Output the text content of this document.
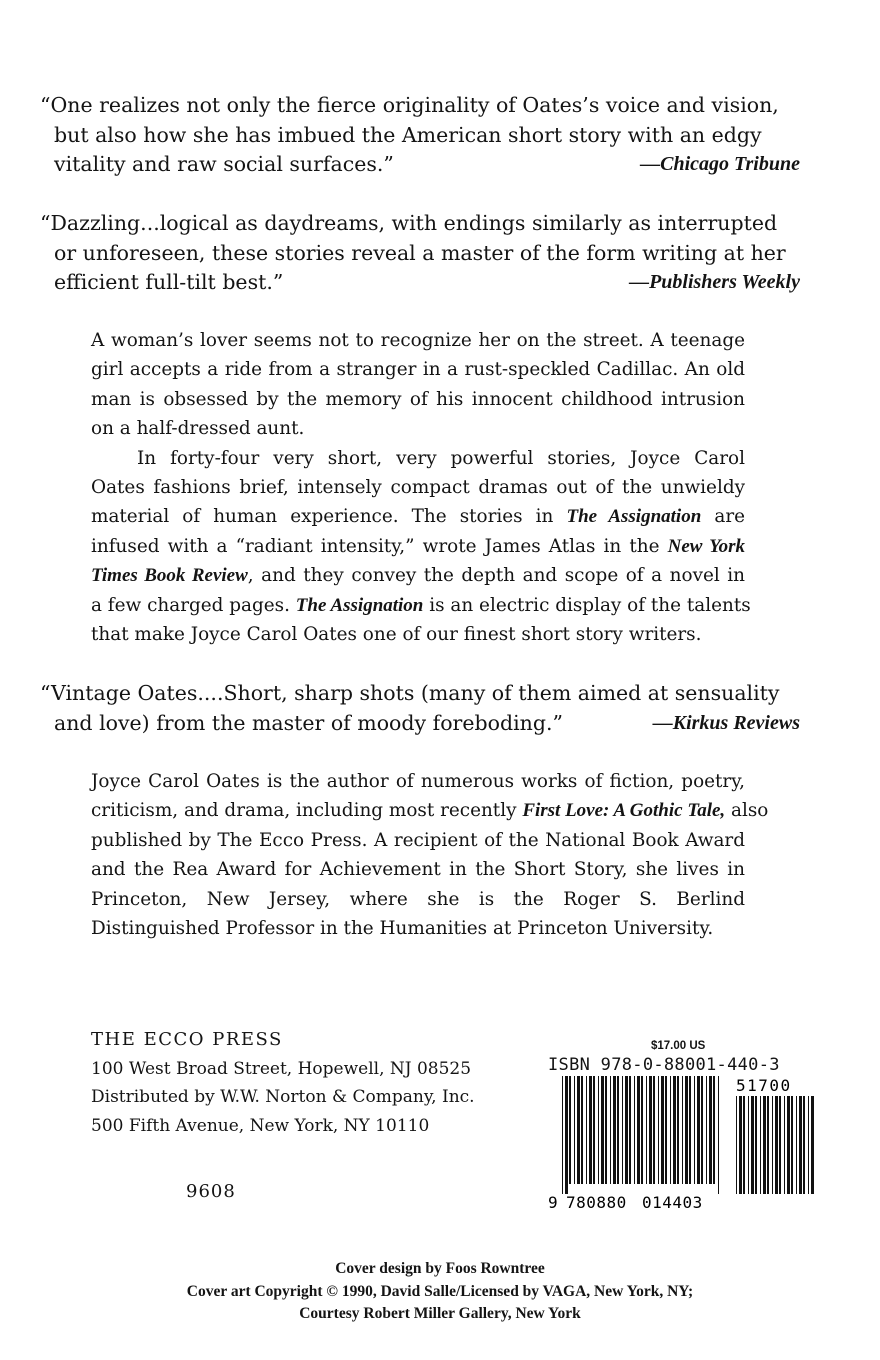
“One realizes not only the fierce originality of Oates’s voice and vision,
but also how she has imbued the American short story with an edgy
vitality and raw social surfaces.”	—Chicago Tribune
“Dazzling...logical as daydreams, with endings similarly as interrupted
or unforeseen, these stories reveal a master of the form writing at her
efficient full-tilt best.”	—Publishers Weekly
A woman’s lover seems not to recognize her on the street. A teenage
girl accepts a ride from a stranger in a rust-speckled Cadillac. An old
man is obsessed by the memory of his innocent childhood intrusion
on a half-dressed aunt.
In forty-four very short, very powerful stories, Joyce Carol
Oates fashions brief, intensely compact dramas out of the unwieldy
material of human experience. The stories in The Assignation are
infused with a “radiant intensity,” wrote James Atlas in the New York
Times Book Review, and they convey the depth and scope of a novel in
a few charged pages. The Assignation is an electric display of the talents
that make Joyce Carol Oates one of our finest short story writers.
“Vintage Oates....Short, sharp shots (many of them aimed at sensuality
and love) from the master of moody foreboding.”	—Kirkus Reviews
Joyce Carol Oates is the author of numerous works of fiction, poetry,
criticism, and drama, including most recently First Love: A Gothic Tale, also
published by The Ecco Press. A recipient of the National Book Award
and the Rea Award for Achievement in the Short Story, she lives in
Princeton, New Jersey, where she is the Roger S. Berlind
Distinguished Professor in the Humanities at Princeton University.
THE ECCO PRESS
100 West Broad Street, Hopewell, NJ 08525
Distributed by W.W. Norton & Company, Inc.
500 Fifth Avenue, New York, NY 10110
9608
$17.00 US
ISBN 978-0-88001-440-3
51700
9 780880 014403
Cover design by Foos Rowntree
Cover art Copyright © 1990, David Salle/Licensed by VAGA, New York, NY;
Courtesy Robert Miller Gallery, New York
